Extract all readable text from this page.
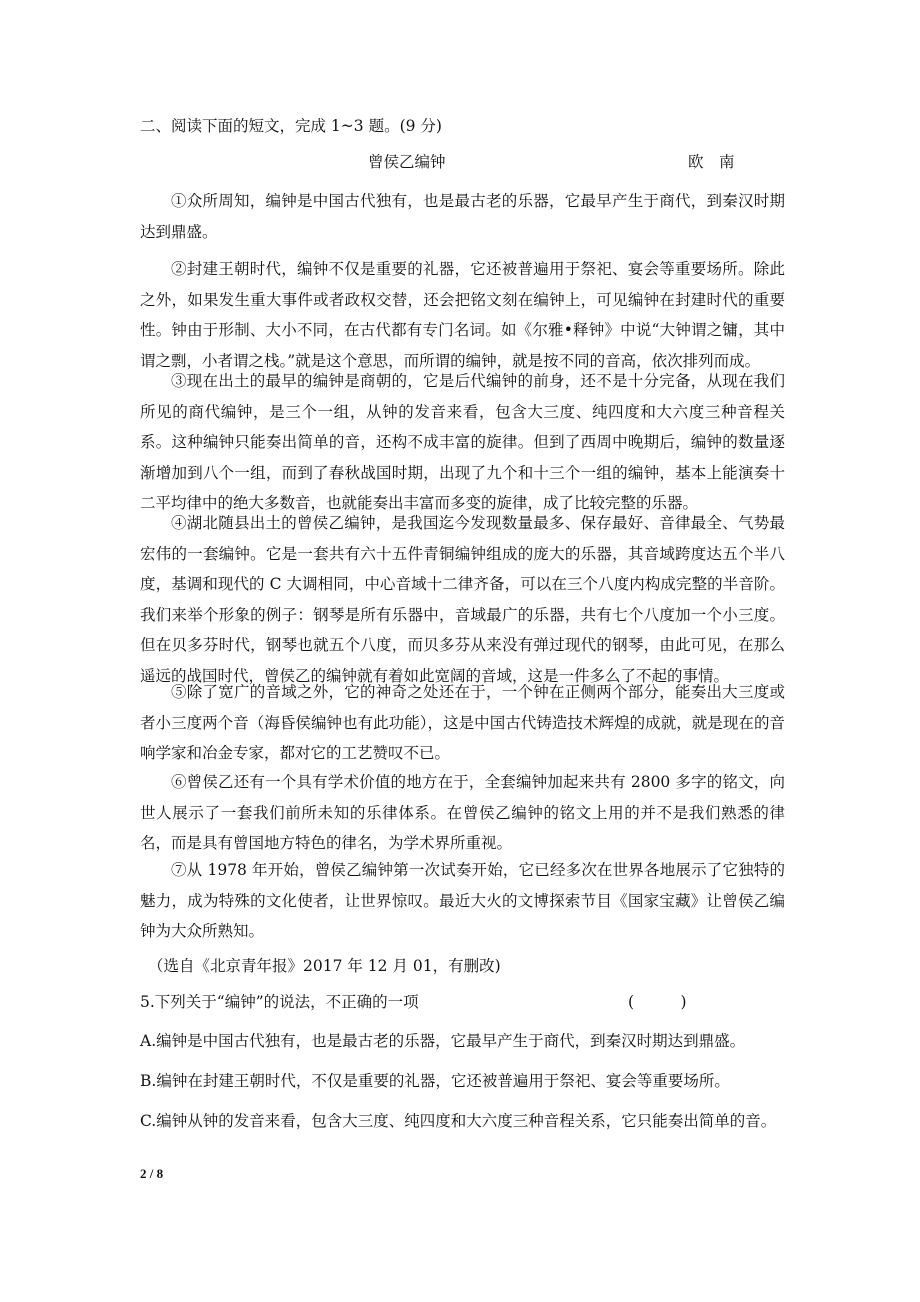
二、阅读下面的短文，完成 1~3 题。(9 分)
曾侯乙编钟	欧　南
①众所周知，编钟是中国古代独有，也是最古老的乐器，它最早产生于商代，到秦汉时期达到鼎盛。
②封建王朝时代，编钟不仅是重要的礼器，它还被普遍用于祭祀、宴会等重要场所。除此之外，如果发生重大事件或者政权交替，还会把铭文刻在编钟上，可见编钟在封建时代的重要性。钟由于形制、大小不同，在古代都有专门名词。如《尔雅•释钟》中说“大钟谓之镛，其中谓之剽，小者谓之栈。”就是这个意思，而所谓的编钟，就是按不同的音高，依次排列而成。
③现在出土的最早的编钟是商朝的，它是后代编钟的前身，还不是十分完备，从现在我们所见的商代编钟，是三个一组，从钟的发音来看，包含大三度、纯四度和大六度三种音程关系。这种编钟只能奏出简单的音，还构不成丰富的旋律。但到了西周中晚期后，编钟的数量逐渐增加到八个一组，而到了春秋战国时期，出现了九个和十三个一组的编钟，基本上能演奏十二平均律中的绝大多数音，也就能奏出丰富而多变的旋律，成了比较完整的乐器。
④湖北随县出土的曾侯乙编钟，是我国迄今发现数量最多、保存最好、音律最全、气势最宏伟的一套编钟。它是一套共有六十五件青铜编钟组成的庞大的乐器，其音域跨度达五个半八度，基调和现代的 C 大调相同，中心音域十二律齐备，可以在三个八度内构成完整的半音阶。我们来举个形象的例子：钢琴是所有乐器中，音域最广的乐器，共有七个八度加一个小三度。但在贝多芬时代，钢琴也就五个八度，而贝多芬从来没有弹过现代的钢琴，由此可见，在那么遥远的战国时代，曾侯乙的编钟就有着如此宽阔的音域，这是一件多么了不起的事情。
⑤除了宽广的音域之外，它的神奇之处还在于，一个钟在正侧两个部分，能奏出大三度或者小三度两个音（海昏侯编钟也有此功能），这是中国古代铸造技术辉煌的成就，就是现在的音响学家和冶金专家，都对它的工艺赞叹不已。
⑥曾侯乙还有一个具有学术价值的地方在于，全套编钟加起来共有 2800 多字的铭文，向世人展示了一套我们前所未知的乐律体系。在曾侯乙编钟的铭文上用的并不是我们熟悉的律名，而是具有曾国地方特色的律名，为学术界所重视。
⑦从 1978 年开始，曾侯乙编钟第一次试奏开始，它已经多次在世界各地展示了它独特的魅力，成为特殊的文化使者，让世界惊叹。最近大火的文博探索节目《国家宝藏》让曾侯乙编钟为大众所熟知。
（选自《北京青年报》2017 年 12 月 01，有删改)
5.下列关于“编钟”的说法，不正确的一项	(　　　)
A.编钟是中国古代独有，也是最古老的乐器，它最早产生于商代，到秦汉时期达到鼎盛。
B.编钟在封建王朝时代，不仅是重要的礼器，它还被普遍用于祭祀、宴会等重要场所。
C.编钟从钟的发音来看，包含大三度、纯四度和大六度三种音程关系，它只能奏出简单的音。
2 / 8
